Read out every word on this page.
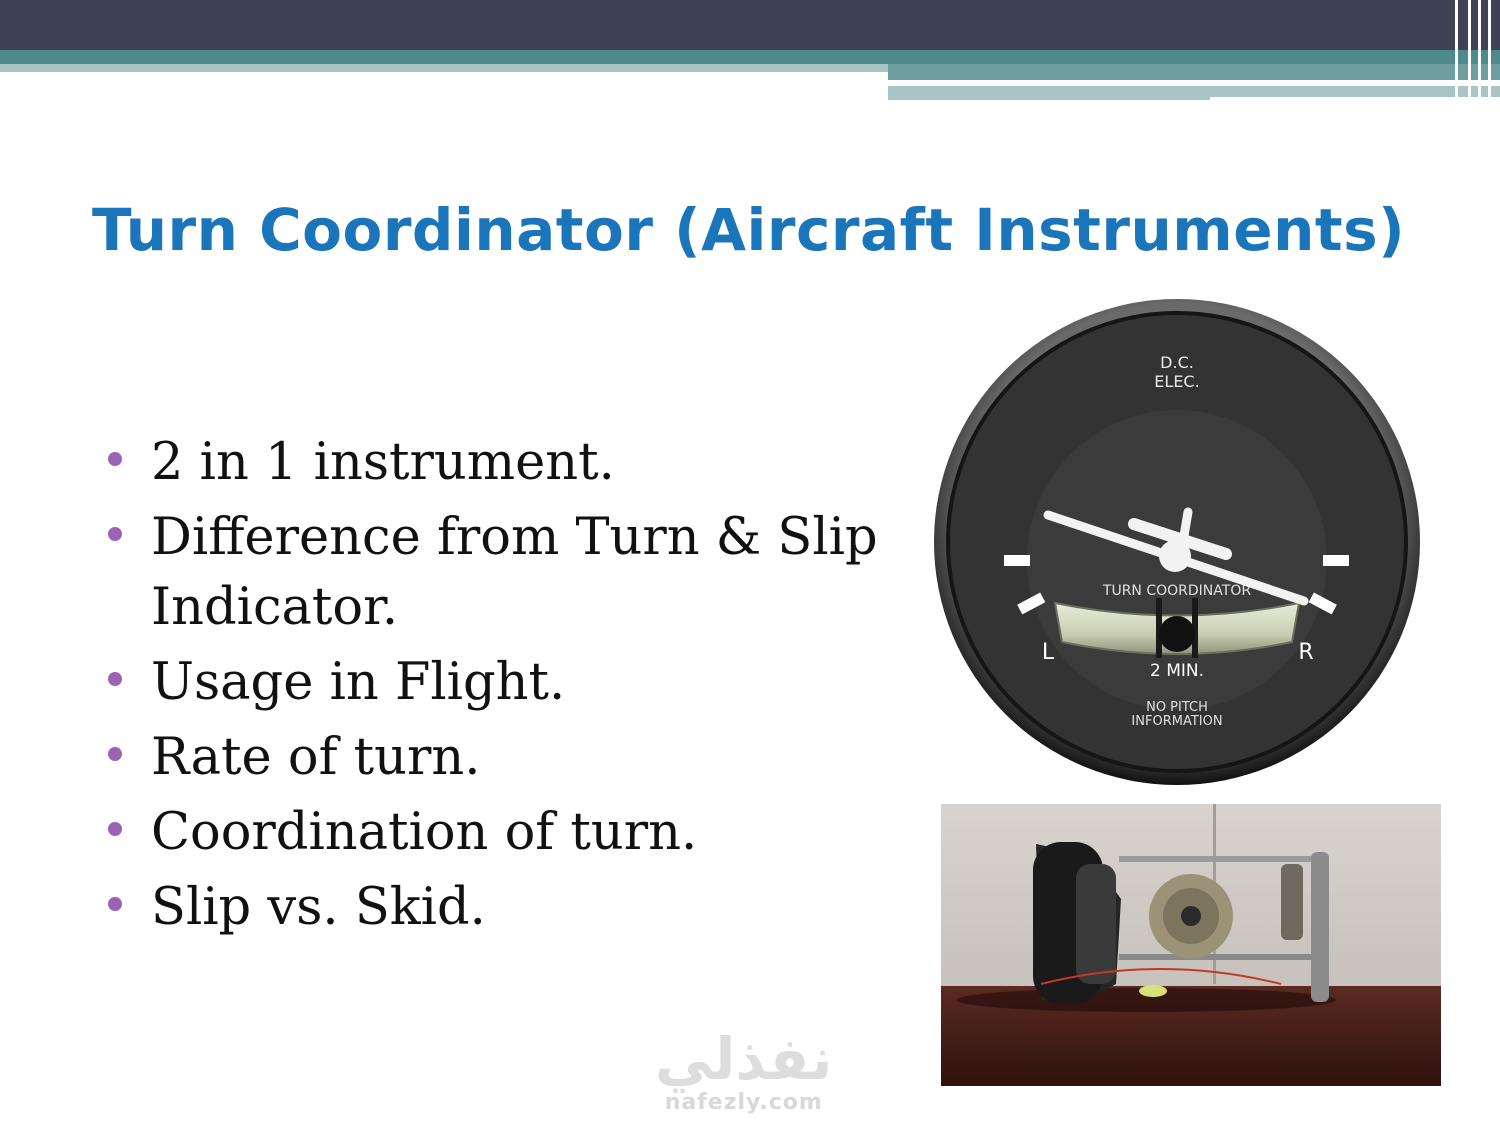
Turn Coordinator (Aircraft Instruments)
2 in 1 instrument.
Difference from Turn & Slip Indicator.
Usage in Flight.
Rate of turn.
Coordination of turn.
Slip vs. Skid.
D.C.
ELEC.
TURN COORDINATOR
L	R
2 MIN.
NO PITCH
INFORMATION
نفذلي
nafezly.com
